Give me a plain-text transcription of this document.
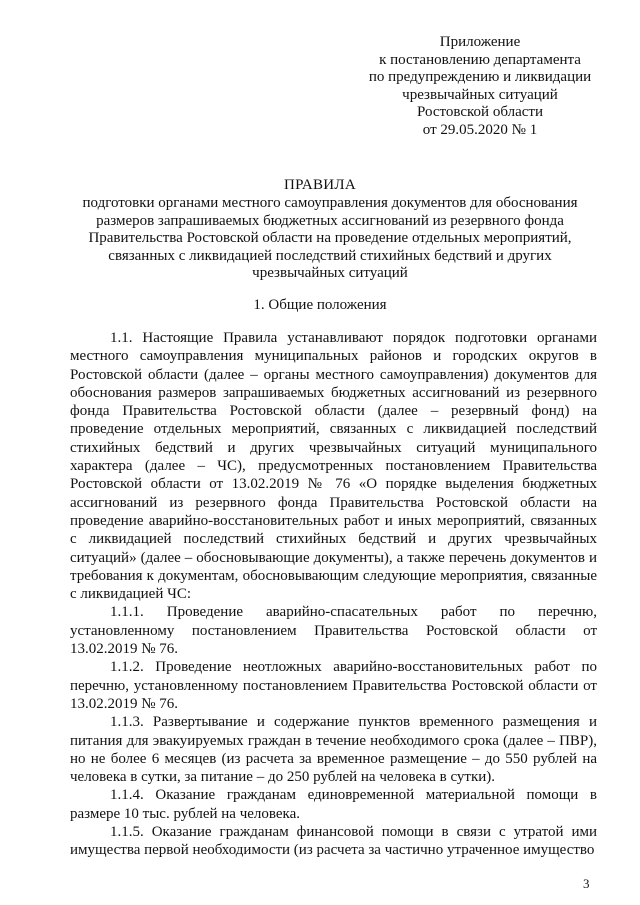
Приложение
к постановлению департамента
по предупреждению и ликвидации
чрезвычайных ситуаций
Ростовской области
от 29.05.2020 № 1
ПРАВИЛА
подготовки органами местного самоуправления документов для обоснования размеров запрашиваемых бюджетных ассигнований из резервного фонда Правительства Ростовской области на проведение отдельных мероприятий, связанных с ликвидацией последствий стихийных бедствий и других чрезвычайных ситуаций
1. Общие положения

1.1. Настоящие Правила устанавливают порядок подготовки органами местного самоуправления муниципальных районов и городских округов в Ростовской области (далее – органы местного самоуправления) документов для обоснования размеров запрашиваемых бюджетных ассигнований из резервного фонда Правительства Ростовской области (далее – резервный фонд) на проведение отдельных мероприятий, связанных с ликвидацией последствий стихийных бедствий и других чрезвычайных ситуаций муниципального характера (далее – ЧС), предусмотренных постановлением Правительства Ростовской области от 13.02.2019 № 76 «О порядке выделения бюджетных ассигнований из резервного фонда Правительства Ростовской области на проведение аварийно-восстановительных работ и иных мероприятий, связанных с ликвидацией последствий стихийных бедствий и других чрезвычайных ситуаций» (далее – обосновывающие документы), а также перечень документов и требования к документам, обосновывающим следующие мероприятия, связанные с ликвидацией ЧС:

1.1.1. Проведение аварийно-спасательных работ по перечню, установленному постановлением Правительства Ростовской области от 13.02.2019 № 76.

1.1.2. Проведение неотложных аварийно-восстановительных работ по перечню, установленному постановлением Правительства Ростовской области от 13.02.2019 № 76.

1.1.3. Развертывание и содержание пунктов временного размещения и питания для эвакуируемых граждан в течение необходимого срока (далее – ПВР), но не более 6 месяцев (из расчета за временное размещение – до 550 рублей на человека в сутки, за питание – до 250 рублей на человека в сутки).

1.1.4. Оказание гражданам единовременной материальной помощи в размере 10 тыс. рублей на человека.

1.1.5. Оказание гражданам финансовой помощи в связи с утратой ими имущества первой необходимости (из расчета за частично утраченное имущество

3
